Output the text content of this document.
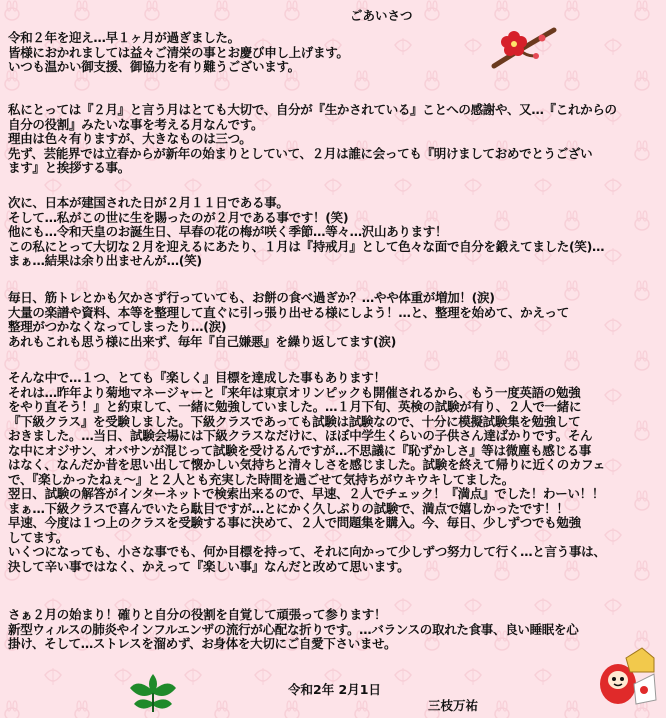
ごあいさつ
令和２年を迎え…早１ヶ月が過ぎました。
皆様におかれましては益々ご清栄の事とお慶び申し上げます。
いつも温かい御支援、御協力を有り難うございます。
私にとっては『２月』と言う月はとても大切で、自分が『生かされている』ことへの感謝や、又…『これからの
自分の役割』みたいな事を考える月なんです。
理由は色々有りますが、大きなものは三つ。
先ず、芸能界では立春からが新年の始まりとしていて、２月は誰に会っても『明けましておめでとうござい
ます』と挨拶する事。
次に、日本が建国された日が２月１１日である事。
そして…私がこの世に生を賜ったのが２月である事です！(笑)
他にも…令和天皇のお誕生日、早春の花の梅が咲く季節…等々…沢山あります！
この私にとって大切な２月を迎えるにあたり、１月は『持戒月』として色々な面で自分を鍛えてました(笑)…
まぁ…結果は余り出ませんが…(笑)
毎日、筋トレとかも欠かさず行っていても、お餅の食べ過ぎか？…やや体重が増加！(涙)
大量の楽譜や資料、本等を整理して直ぐに引っ張り出せる様にしよう！…と、整理を始めて、かえって
整理がつかなくなってしまったり…(涙)
あれもこれも思う様に出来ず、毎年『自己嫌悪』を繰り返してます(涙)
そんな中で…１つ、とても『楽しく』目標を達成した事もあります！
それは…昨年より菊地マネージャーと『来年は東京オリンピックも開催されるから、もう一度英語の勉強
をやり直そう！』と約束して、一緒に勉強していました。…１月下旬、英検の試験が有り、２人で一緒に
『下級クラス』を受験しました。下級クラスであっても試験は試験なので、十分に模擬試験集を勉強して
おきました。…当日、試験会場には下級クラスなだけに、ほぼ中学生くらいの子供さん達ばかりです。そん
な中にオジサン、オバサンが混じって試験を受けるんですが…不思議に『恥ずかしさ』等は微塵も感じる事
はなく、なんだか昔を思い出して懐かしい気持ちと清々しさを感じました。試験を終えて帰りに近くのカフェ
で、『楽しかったねぇ～』と２人とも充実した時間を過ごせて気持ちがウキウキしてました。
翌日、試験の解答がインターネットで検索出来るので、早速、２人でチェック！『満点』でした！わーい！！
まぁ…下級クラスで喜んでいたら駄目ですが…とにかく久しぶりの試験で、満点で嬉しかったです！！
早速、今度は１つ上のクラスを受験する事に決めて、２人で問題集を購入。今、毎日、少しずつでも勉強
してます。
いくつになっても、小さな事でも、何か目標を持って、それに向かって少しずつ努力して行く…と言う事は、
決して辛い事ではなく、かえって『楽しい事』なんだと改めて思います。
さぁ２月の始まり！確りと自分の役割を自覚して頑張って参ります！
新型ウィルスの肺炎やインフルエンザの流行が心配な折りです。…バランスの取れた食事、良い睡眠を心
掛け、そして…ストレスを溜めず、お身体を大切にご自愛下さいませ。
令和2年 2月1日
三枝万祐
